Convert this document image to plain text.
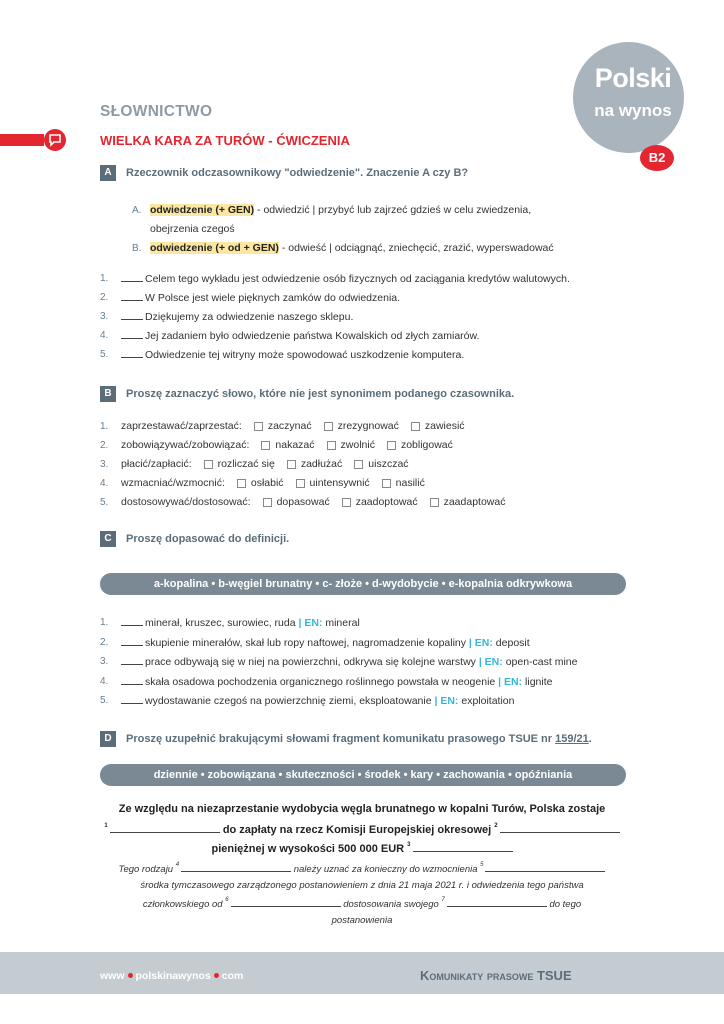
SŁOWNICTWO
WIELKA KARA ZA TURÓW - ĆWICZENIA
Polski
na wynos
B2
A	Rzeczownik odczasownikowy "odwiedzenie". Znaczenie A czy B?
A. odwiedzenie (+ GEN) - odwiedzić | przybyć lub zajrzeć gdzieś w celu zwiedzenia,
obejrzenia czegoś
B. odwiedzenie (+ od + GEN) - odwieść | odciągnąć, zniechęcić, zrazić, wyperswadować
1.	Celem tego wykładu jest odwiedzenie osób fizycznych od zaciągania kredytów walutowych.
2.	W Polsce jest wiele pięknych zamków do odwiedzenia.
3.	Dziękujemy za odwiedzenie naszego sklepu.
4.	Jej zadaniem było odwiedzenie państwa Kowalskich od złych zamiarów.
5.	Odwiedzenie tej witryny może spowodować uszkodzenie komputera.
B	Proszę zaznaczyć słowo, które nie jest synonimem podanego czasownika.
1. zaprzestawać/zaprzestać: zaczynać zrezygnować zawiesić
2. zobowiązywać/zobowiązać: nakazać zwolnić zobligować
3. płacić/zapłacić: rozliczać się zadłużać uiszczać
4. wzmacniać/wzmocnić: osłabić uintensywnić nasilić
5. dostosowywać/dostosować: dopasować zaadoptować zaadaptować
C	Proszę dopasować do definicji.
a-kopalina • b-węgiel brunatny • c- złoże • d-wydobycie • e-kopalnia odkrywkowa
1.	minerał, kruszec, surowiec, ruda | EN: mineral
2.	skupienie minerałów, skał lub ropy naftowej, nagromadzenie kopaliny | EN: deposit
3.	prace odbywają się w niej na powierzchni, odkrywa się kolejne warstwy | EN: open-cast mine
4.	skała osadowa pochodzenia organicznego roślinnego powstała w neogenie | EN: lignite
5.	wydostawanie czegoś na powierzchnię ziemi, eksploatowanie | EN: exploitation
D	Proszę uzupełnić brakującymi słowami fragment komunikatu prasowego TSUE nr 159/21.
dziennie • zobowiązana • skuteczności • środek • kary • zachowania • opóźniania
Ze względu na niezaprzestanie wydobycia węgla brunatnego w kopalni Turów, Polska zostaje
$^1$	do zapłaty na rzecz Komisji Europejskiej okresowej $^2$
pieniężnej w wysokości 500 000 EUR $^3$
Tego rodzaju $^4$	należy uznać za konieczny do wzmocnienia $^5$
środka tymczasowego zarządzonego postanowieniem z dnia 21 maja 2021 r. i odwiedzenia tego państwa
członkowskiego od $^6$	dostosowania swojego $^7$	do tego
postanowienia
www polskinawynos com	Komunikaty prasowe TSUE
